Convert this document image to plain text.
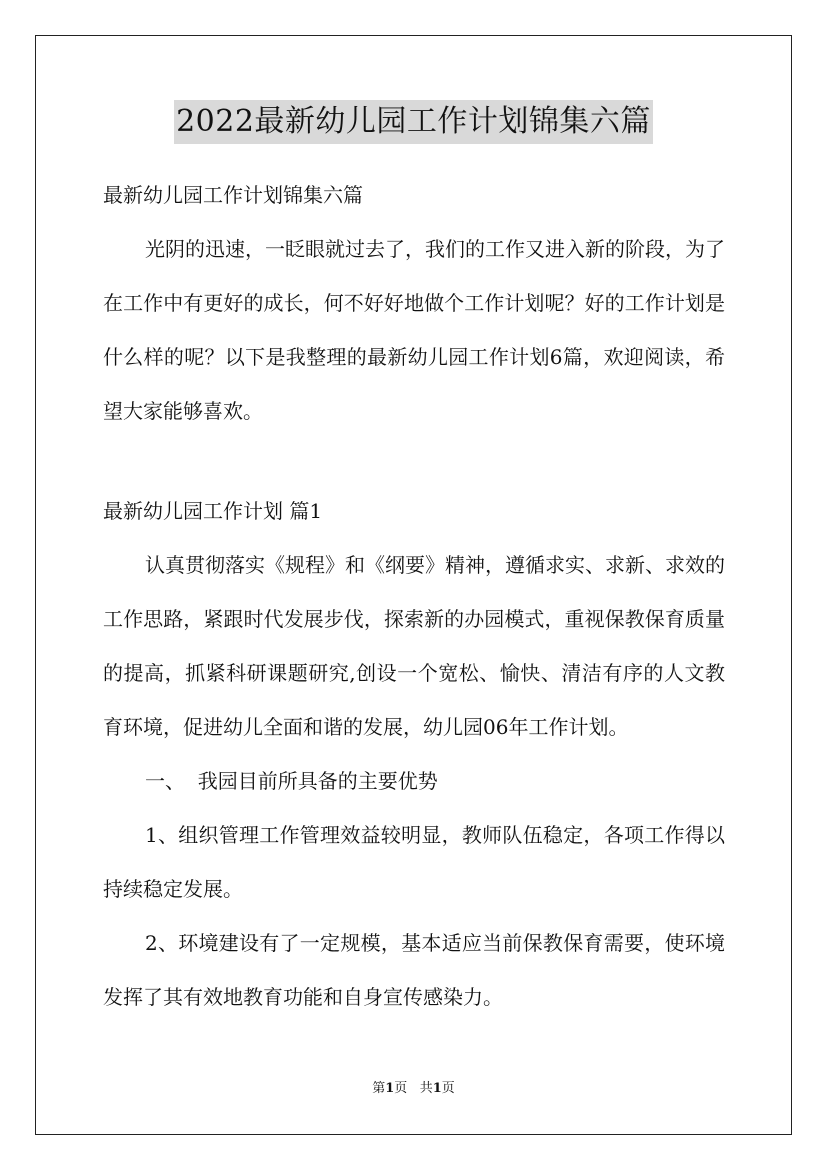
2022最新幼儿园工作计划锦集六篇

最新幼儿园工作计划锦集六篇

光阴的迅速，一眨眼就过去了，我们的工作又进入新的阶段，为了在工作中有更好的成长，何不好好地做个工作计划呢？好的工作计划是什么样的呢？以下是我整理的最新幼儿园工作计划6篇，欢迎阅读，希望大家能够喜欢。

最新幼儿园工作计划 篇1

认真贯彻落实《规程》和《纲要》精神，遵循求实、求新、求效的工作思路，紧跟时代发展步伐，探索新的办园模式，重视保教保育质量的提高，抓紧科研课题研究,创设一个宽松、愉快、清洁有序的人文教育环境，促进幼儿全面和谐的发展，幼儿园06年工作计划。

一、  我园目前所具备的主要优势

1、组织管理工作管理效益较明显，教师队伍稳定，各项工作得以持续稳定发展。

2、环境建设有了一定规模，基本适应当前保教保育需要，使环境发挥了其有效地教育功能和自身宣传感染力。

第1页 共1页
